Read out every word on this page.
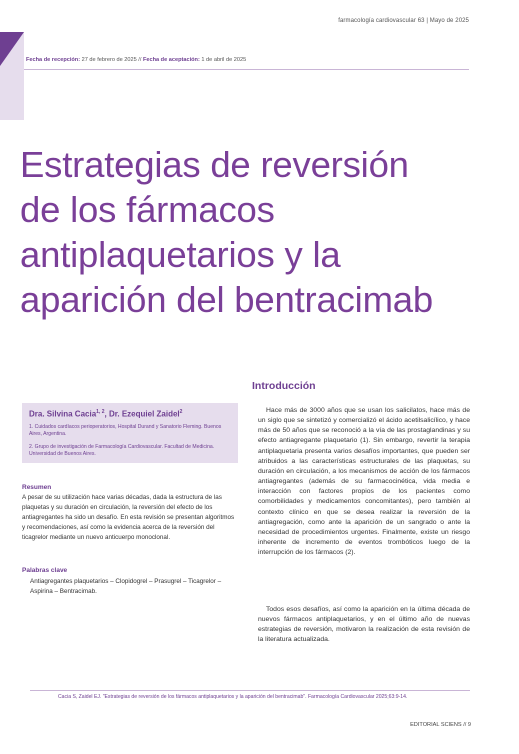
farmacología cardiovascular 63 | Mayo de 2025
Fecha de recepción: 27 de febrero de 2025 // Fecha de aceptación: 1 de abril de 2025
Estrategias de reversión
de los fármacos
antiplaquetarios y la
aparición del bentracimab
Introducción
Dra. Silvina Cacia$^{1, 2}$, Dr. Ezequiel Zaidel$^2$
1. Cuidados cardíacos perioperatorios, Hospital Durand y Sanatorio Fleming. Buenos Aires, Argentina.
2. Grupo de investigación de Farmacología Cardiovascular. Facultad de Medicina. Universidad de Buenos Aires.
Resumen
A pesar de su utilización hace varias décadas, dada la estructura de las plaquetas y su duración en circulación, la reversión del efecto de los antiagregantes ha sido un desafío. En esta revisión se presentan algoritmos y recomendaciones, así como la evidencia acerca de la reversión del ticagrelor mediante un nuevo anticuerpo monoclonal.
Palabras clave
Antiagregantes plaquetarios – Clopidogrel – Prasugrel – Ticagrelor – Aspirina – Bentracimab.
Hace más de 3000 años que se usan los salicilatos, hace más de un siglo que se sintetizó y comercializó el ácido acetilsalicílico, y hace más de 50 años que se reconoció a la vía de las prostaglandinas y su efecto antiagregante plaquetario (1). Sin embargo, revertir la terapia antiplaquetaria presenta varios desafíos importantes, que pueden ser atribuidos a las características estructurales de las plaquetas, su duración en circulación, a los mecanismos de acción de los fármacos antiagregantes (además de su farmacocinética, vida media e interacción con factores propios de los pacientes como comorbilidades y medicamentos concomitantes), pero también al contexto clínico en que se desea realizar la reversión de la antiagregación, como ante la aparición de un sangrado o ante la necesidad de procedimientos urgentes. Finalmente, existe un riesgo inherente de incremento de eventos trombóticos luego de la interrupción de los fármacos (2).
Todos esos desafíos, así como la aparición en la última década de nuevos fármacos antiplaquetarios, y en el último año de nuevas estrategias de reversión, motivaron la realización de esta revisión de la literatura actualizada.
Cacia S, Zaidel EJ. "Estrategias de reversión de los fármacos antiplaquetarios y la aparición del bentracimab". Farmacología Cardiovascular 2025;63:9-14.
EDITORIAL SCIENS // 9
